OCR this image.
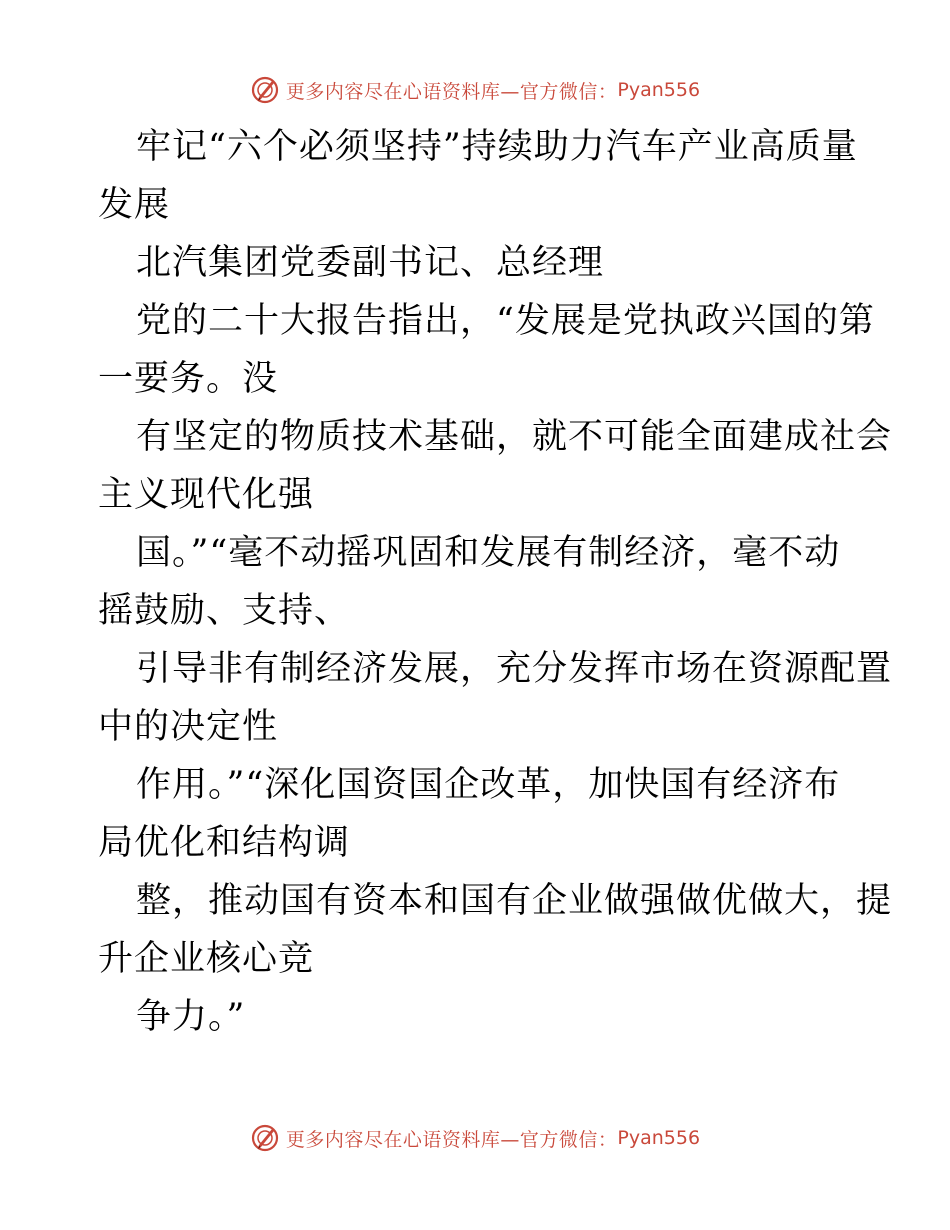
更多内容尽在心语资料库—官方微信： Pyan556
牢记“六个必须坚持”持续助力汽车产业高质量
发展
北汽集团党委副书记、总经理
党的二十大报告指出，“发展是党执政兴国的第
一要务。没
有坚定的物质技术基础，就不可能全面建成社会
主义现代化强
国。”“毫不动摇巩固和发展有制经济，毫不动
摇鼓励、支持、
引导非有制经济发展，充分发挥市场在资源配置
中的决定性
作用。”“深化国资国企改革，加快国有经济布
局优化和结构调
整，推动国有资本和国有企业做强做优做大，提
升企业核心竞
争力。”
更多内容尽在心语资料库—官方微信： Pyan556
